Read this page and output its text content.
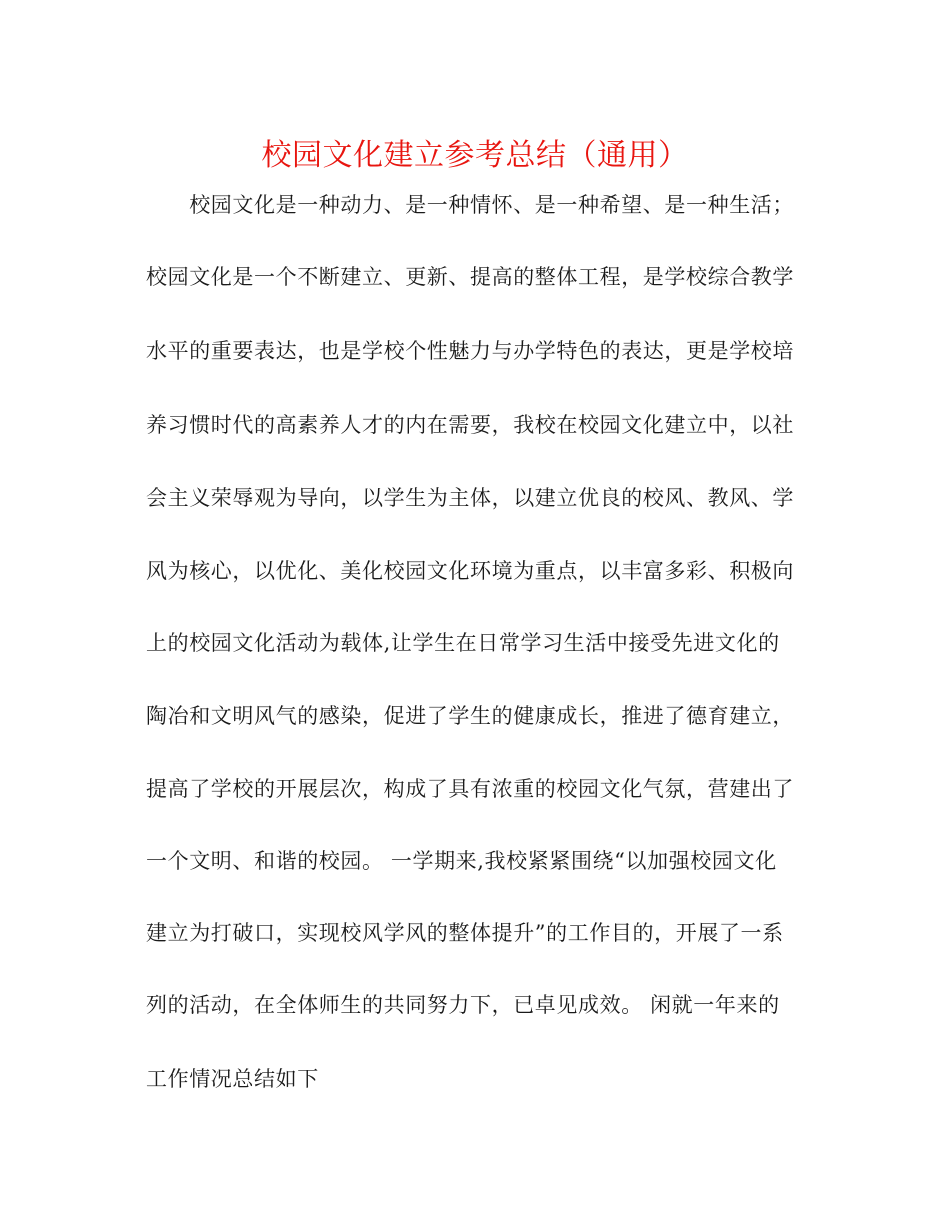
校园文化建立参考总结（通用）
　　校园文化是一种动力、是一种情怀、是一种希望、是一种生活；
校园文化是一个不断建立、更新、提高的整体工程，是学校综合教学
水平的重要表达，也是学校个性魅力与办学特色的表达，更是学校培
养习惯时代的高素养人才的内在需要，我校在校园文化建立中，以社
会主义荣辱观为导向，以学生为主体，以建立优良的校风、教风、学
风为核心，以优化、美化校园文化环境为重点，以丰富多彩、积极向
上的校园文化活动为载体,让学生在日常学习生活中接受先进文化的
陶冶和文明风气的感染，促进了学生的健康成长，推进了德育建立，
提高了学校的开展层次，构成了具有浓重的校园文化气氛，营建出了
一个文明、和谐的校园。 一学期来,我校紧紧围绕“以加强校园文化
建立为打破口，实现校风学风的整体提升”的工作目的，开展了一系
列的活动，在全体师生的共同努力下，已卓见成效。 闲就一年来的
工作情况总结如下
